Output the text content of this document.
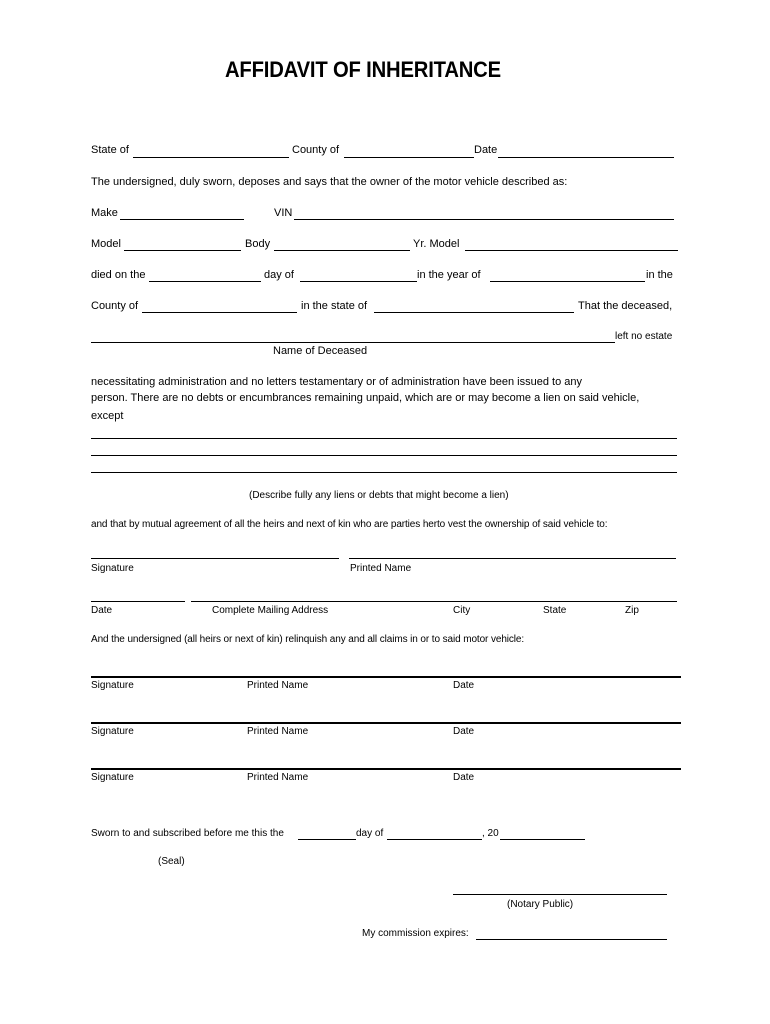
AFFIDAVIT OF INHERITANCE
State of	County of	Date
The undersigned, duly sworn, deposes and says that the owner of the motor vehicle described as:
Make	VIN
Model	Body	Yr. Model
died on the	day of	in the year of	in the
County of	in the state of	That the deceased,
left no estate
Name of Deceased
necessitating administration and no letters testamentary or of administration have been issued to any
person. There are no debts or encumbrances remaining unpaid, which are or may become a lien on said vehicle,
except
(Describe fully any liens or debts that might become a lien)
and that by mutual agreement of all the heirs and next of kin who are parties herto vest the ownership of said vehicle to:
Signature	Printed Name
Date	Complete Mailing Address	City	State	Zip
And the undersigned (all heirs or next of kin) relinquish any and all claims in or to said motor vehicle:
Signature	Printed Name	Date
Signature	Printed Name	Date
Signature	Printed Name	Date
Sworn to and subscribed before me this the	day of	, 20
(Seal)
(Notary Public)
My commission expires:
